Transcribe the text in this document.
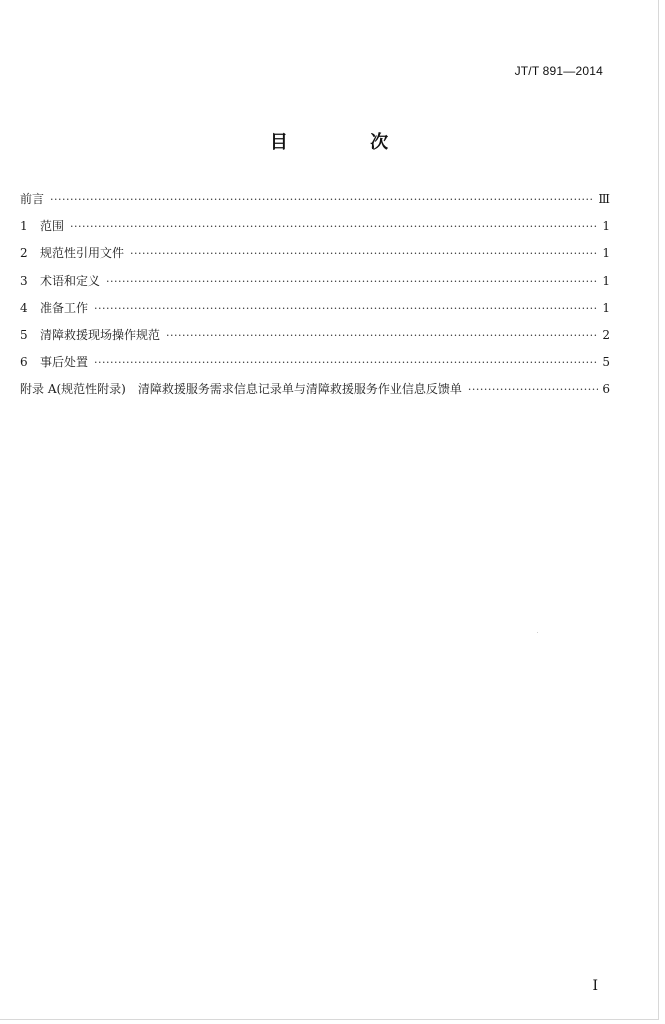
JT/T 891—2014
目 次
前言 ·····	Ⅲ
1	范围 ·····	1
2	规范性引用文件 ·····	1
3	术语和定义 ·····	1
4	准备工作 ·····	1
5	清障救援现场操作规范 ·····	2
6	事后处置 ·····	5
附录 A(规范性附录) 清障救援服务需求信息记录单与清障救援服务作业信息反馈单 ·····	6
I
